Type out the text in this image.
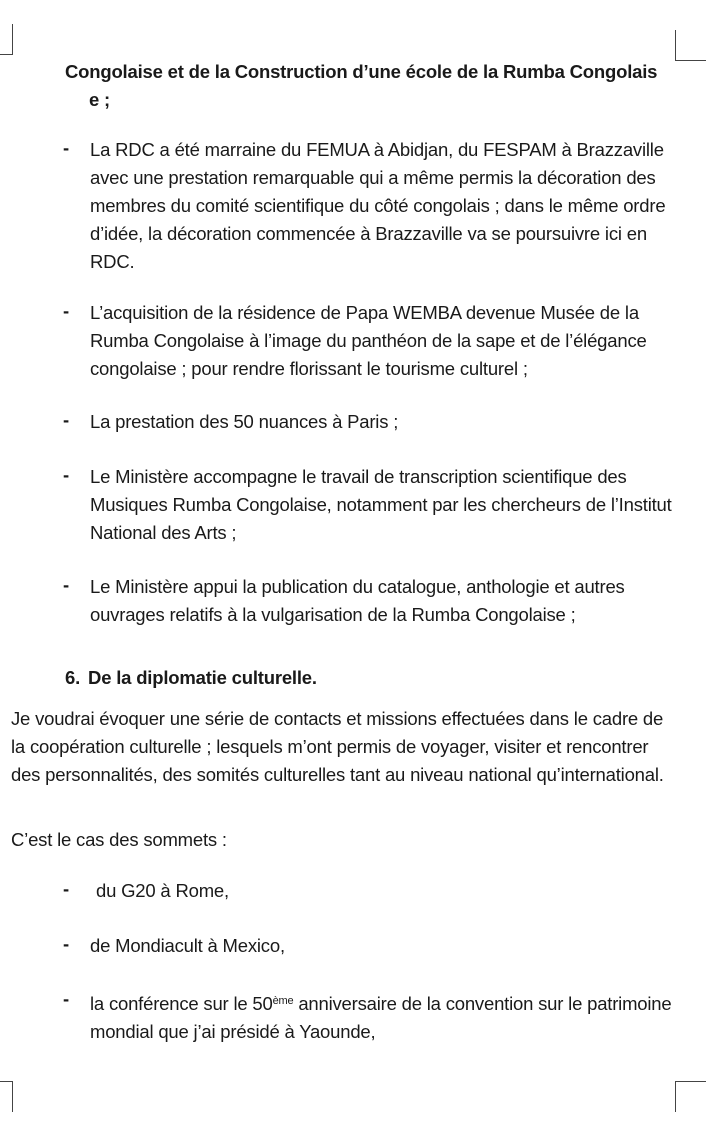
Congolaise et de la Construction d’une école de la Rumba Congolais
e ;
- La RDC a été marraine du FEMUA à Abidjan, du FESPAM à Brazzaville avec une prestation remarquable qui a même permis la décoration des membres du comité scientifique du côté congolais ; dans le même ordre d’idée, la décoration commencée à Brazzaville va se poursuivre ici en RDC.
- L’acquisition de la résidence de Papa WEMBA devenue Musée de la Rumba Congolaise à l’image du panthéon de la sape et de l’élégance congolaise ; pour rendre florissant le tourisme culturel ;
- La prestation des 50 nuances à Paris ;
- Le Ministère accompagne le travail de transcription scientifique des Musiques Rumba Congolaise, notamment par les chercheurs de l’Institut National des Arts ;
- Le Ministère appui la publication du catalogue, anthologie et autres ouvrages relatifs à la vulgarisation de la Rumba Congolaise ;
6. De la diplomatie culturelle.
Je voudrai évoquer une série de contacts et missions effectuées dans le cadre de la coopération culturelle ; lesquels m’ont permis de voyager, visiter et rencontrer des personnalités, des somités culturelles tant au niveau national qu’international.
C’est le cas des sommets :
- du G20 à Rome,
- de Mondiacult à Mexico,
- la conférence sur le 50ème anniversaire de la convention sur le patrimoine mondial que j’ai présidé à Yaounde,
